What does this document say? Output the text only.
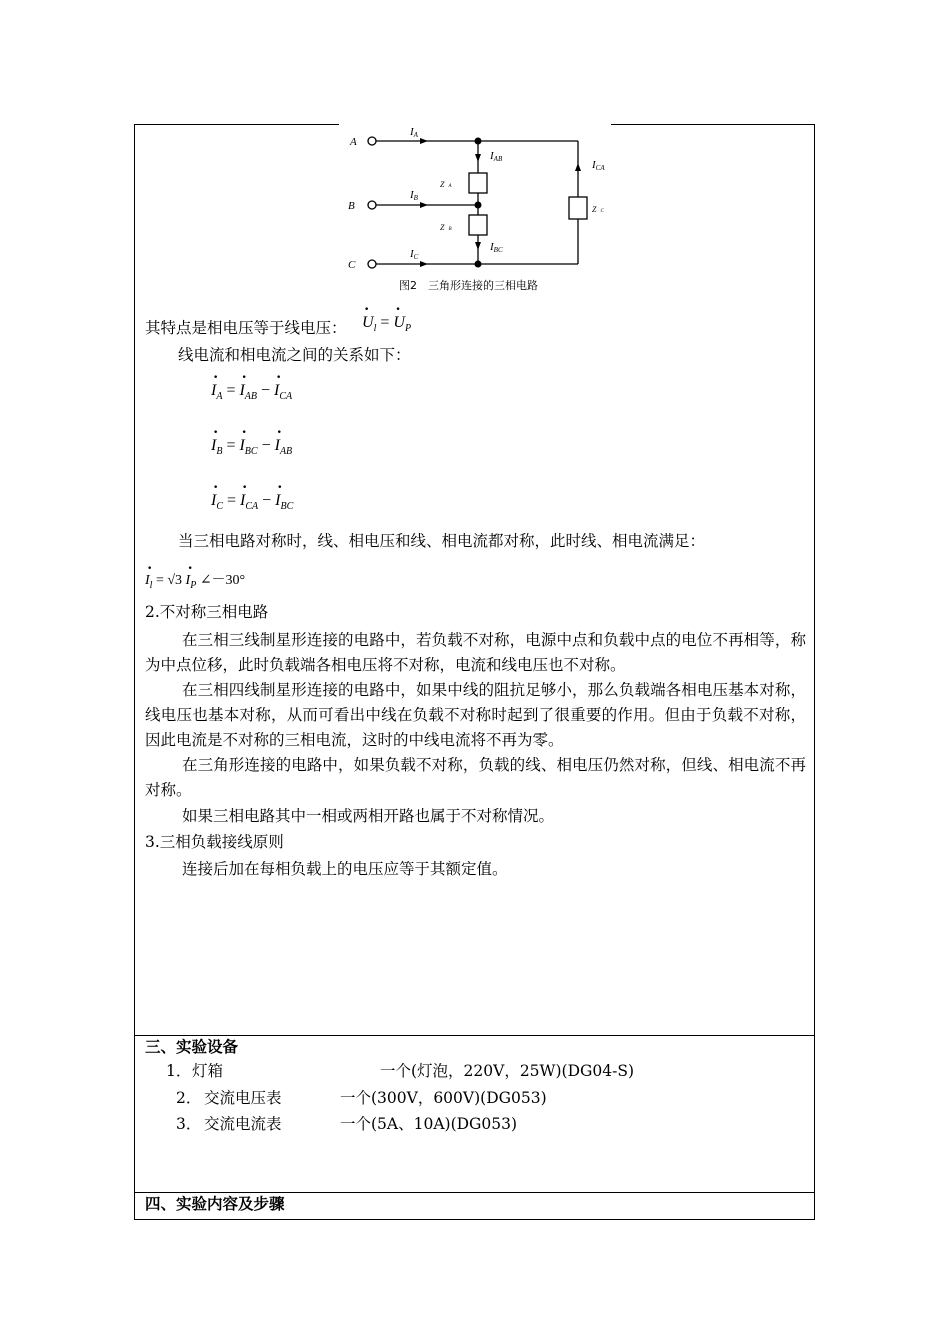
A
B
C
IA
IB
IC
IAB
IBC
ICA
Z A
Z B
Z C
图2　三角形连接的三相电路
其特点是相电压等于线电压： · $U_l$ = · $U_P$
线电流和相电流之间的关系如下：
· $I_A$ = · $I_{AB}$ − · $I_{CA}$
· $I_B$ = · $I_{BC}$ − · $I_{AB}$
· $I_C$ = · $I_{CA}$ − · $I_{BC}$
当三相电路对称时，线、相电压和线、相电流都对称，此时线、相电流满足：
· $I_l = √3 \cdot I_P$ ∠－30°
2.不对称三相电路
在三相三线制星形连接的电路中，若负载不对称，电源中点和负载中点的电位不再相等，称为中点位移，此时负载端各相电压将不对称，电流和线电压也不对称。
在三相四线制星形连接的电路中，如果中线的阻抗足够小，那么负载端各相电压基本对称，线电压也基本对称，从而可看出中线在负载不对称时起到了很重要的作用。但由于负载不对称，因此电流是不对称的三相电流，这时的中线电流将不再为零。
在三角形连接的电路中，如果负载不对称，负载的线、相电压仍然对称，但线、相电流不再对称。
如果三相电路其中一相或两相开路也属于不对称情况。
3.三相负载接线原则
连接后加在每相负载上的电压应等于其额定值。
三、实验设备
1． 灯箱	一个(灯泡，220V，25W)(DG04-S)
2． 交流电压表	一个(300V，600V)(DG053)
3． 交流电流表	一个(5A、10A)(DG053)
四、实验内容及步骤
